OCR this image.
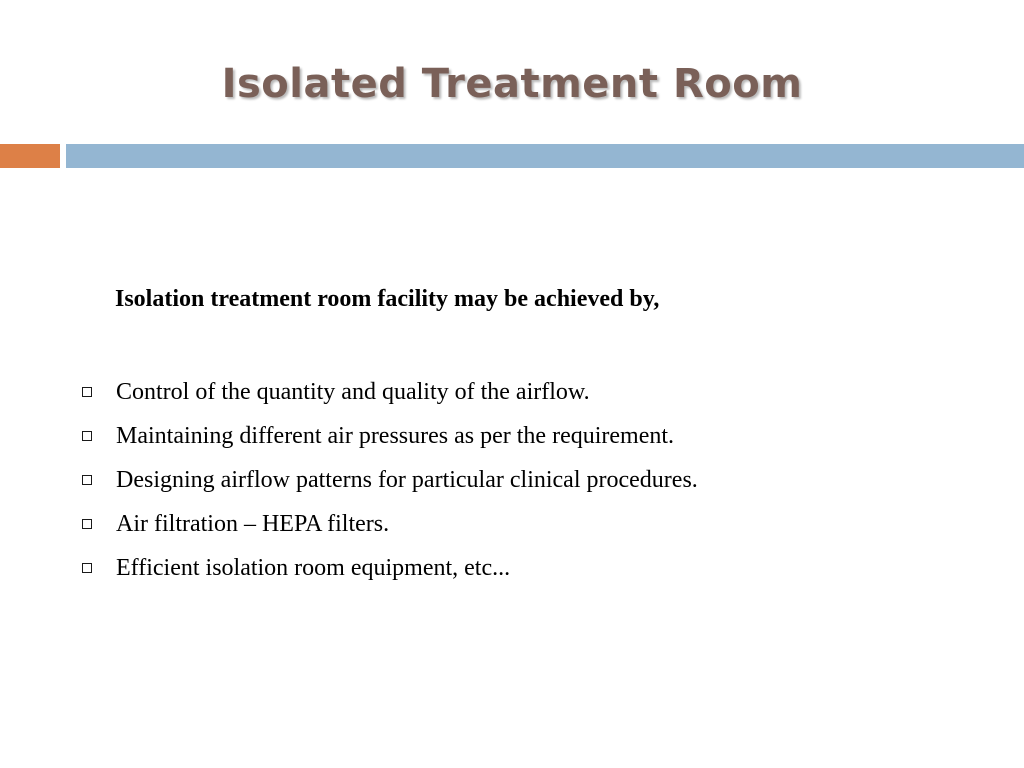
Isolated Treatment Room

Isolation treatment room facility may be achieved by,

Control of the quantity and quality of the airflow.
Maintaining different air pressures as per the requirement.
Designing airflow patterns for particular clinical procedures.
Air filtration – HEPA filters.
Efficient isolation room equipment, etc...
